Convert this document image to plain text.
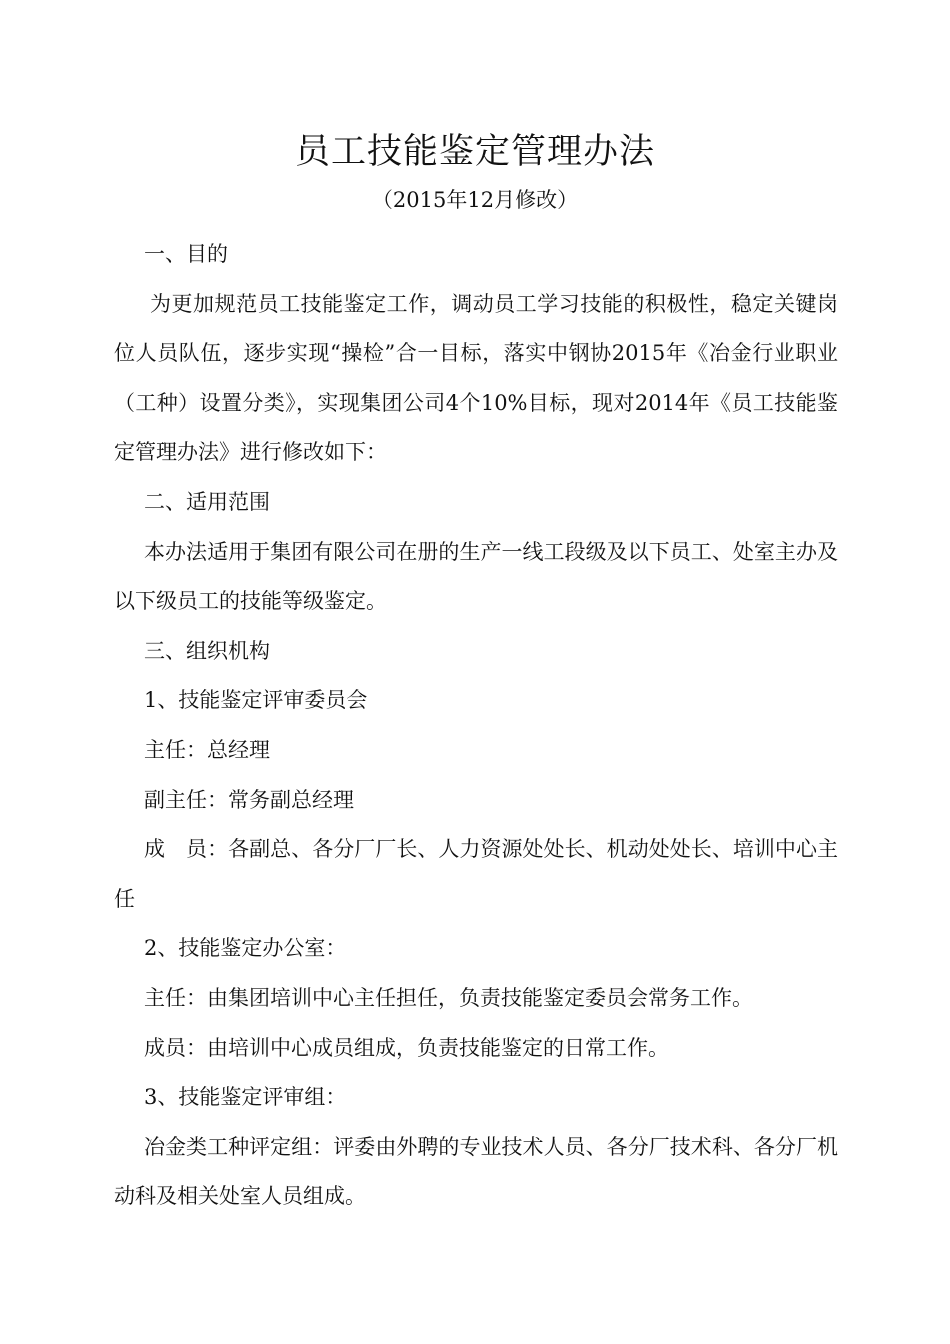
员工技能鉴定管理办法
（2015年12月修改）

一、目的

为更加规范员工技能鉴定工作，调动员工学习技能的积极性，稳定关键岗位人员队伍，逐步实现“操检”合一目标，落实中钢协2015年《冶金行业职业（工种）设置分类》，实现集团公司4个10%目标，现对2014年《员工技能鉴定管理办法》进行修改如下：

二、适用范围

本办法适用于集团有限公司在册的生产一线工段级及以下员工、处室主办及以下级员工的技能等级鉴定。

三、组织机构

1、技能鉴定评审委员会

主任：总经理

副主任：常务副总经理

成　员：各副总、各分厂厂长、人力资源处处长、机动处处长、培训中心主任

2、技能鉴定办公室：

主任：由集团培训中心主任担任，负责技能鉴定委员会常务工作。

成员：由培训中心成员组成，负责技能鉴定的日常工作。

3、技能鉴定评审组：

冶金类工种评定组：评委由外聘的专业技术人员、各分厂技术科、各分厂机动科及相关处室人员组成。
